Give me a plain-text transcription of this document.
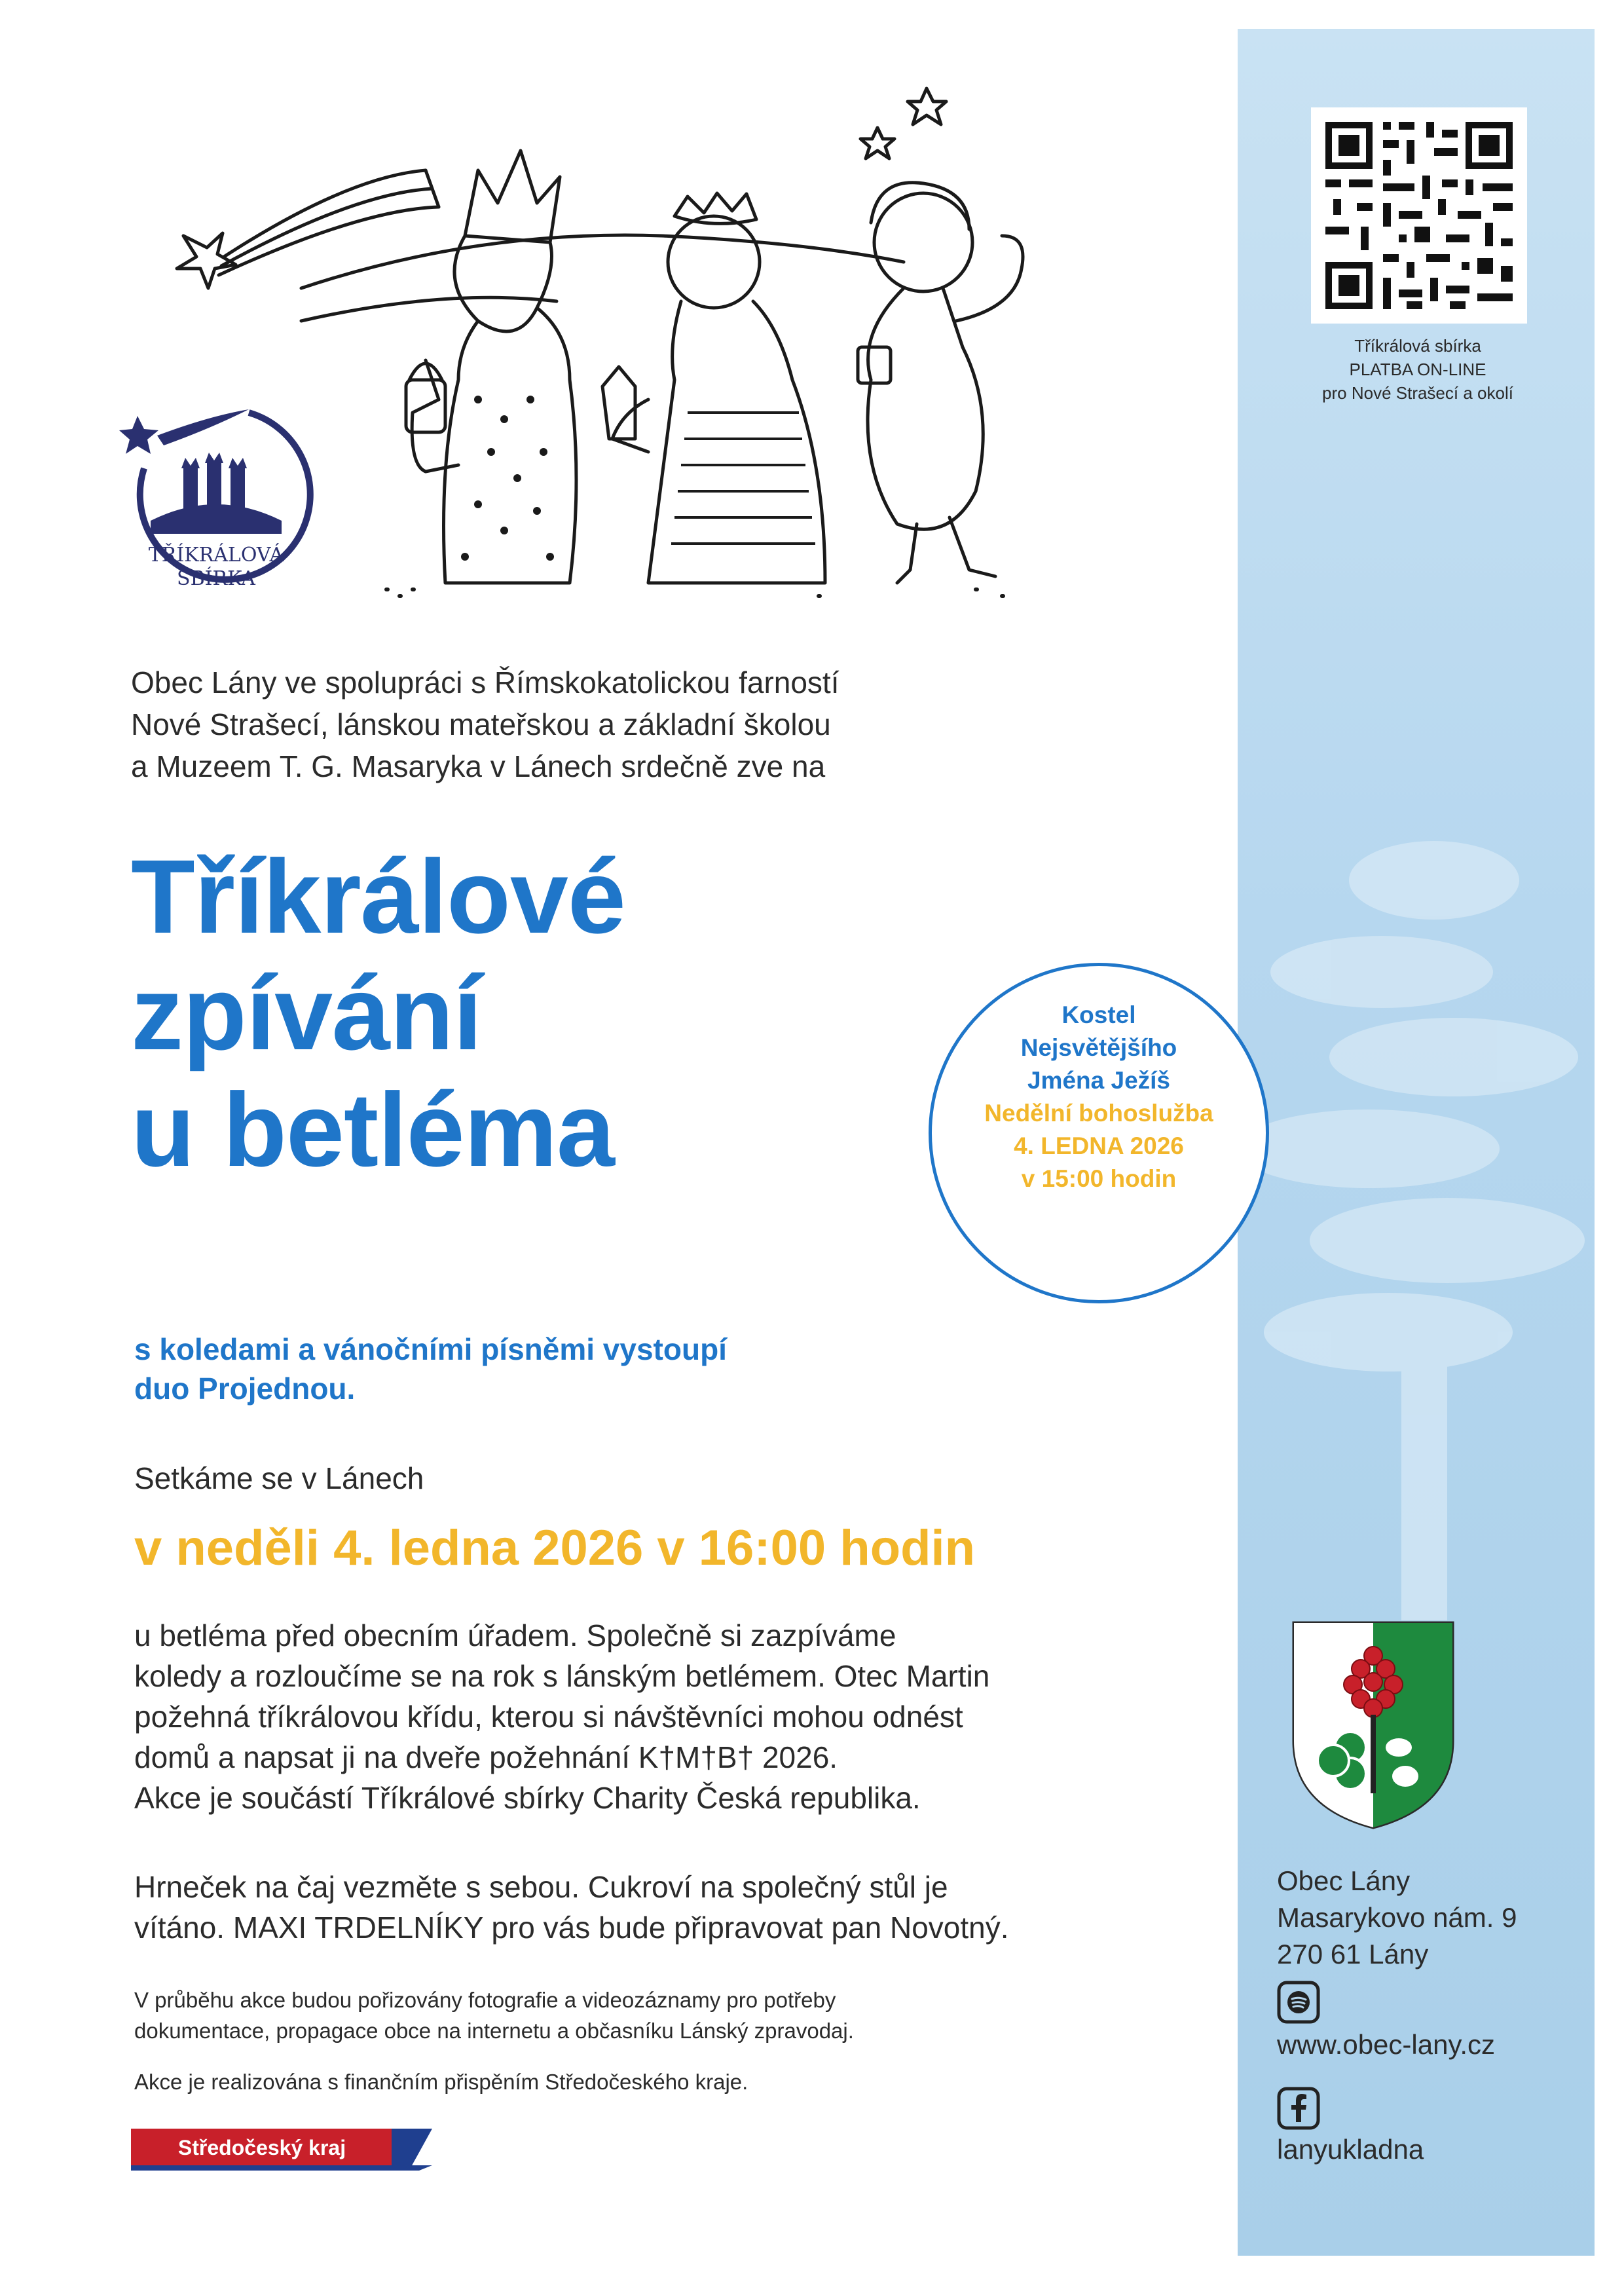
Tříkrálová sbírka
PLATBA ON-LINE
pro Nové Strašecí a okolí
Obec Lány
Masarykovo nám. 9
270 61 Lány
www.obec-lany.cz
lanyukladna
TŘÍKRÁLOVÁ
SBÍRKA
Obec Lány ve spolupráci s Římskokatolickou farností
Nové Strašecí, lánskou mateřskou a základní školou
a Muzeem T. G. Masaryka v Lánech srdečně zve na
Tříkrálové
zpívání
u betléma
Kostel
Nejsvětějšího
Jména Ježíš
Nedělní bohoslužba
4. LEDNA 2026
v 15:00 hodin
s koledami a vánočními písněmi vystoupí
duo Projednou.
Setkáme se v Lánech
v neděli 4. ledna 2026 v 16:00 hodin
u betléma před obecním úřadem. Společně si zazpíváme
koledy a rozloučíme se na rok s lánským betlémem. Otec Martin
požehná tříkrálovou křídu, kterou si návštěvníci mohou odnést
domů a napsat ji na dveře požehnání K†M†B† 2026.
Akce je součástí Tříkrálové sbírky Charity Česká republika.
Hrneček na čaj vezměte s sebou. Cukroví na společný stůl je
vítáno. MAXI TRDELNÍKY pro vás bude připravovat pan Novotný.
V průběhu akce budou pořizovány fotografie a videozáznamy pro potřeby
dokumentace, propagace obce na internetu a občasníku Lánský zpravodaj.
Akce je realizována s finančním přispěním Středočeského kraje.
Středočeský kraj
